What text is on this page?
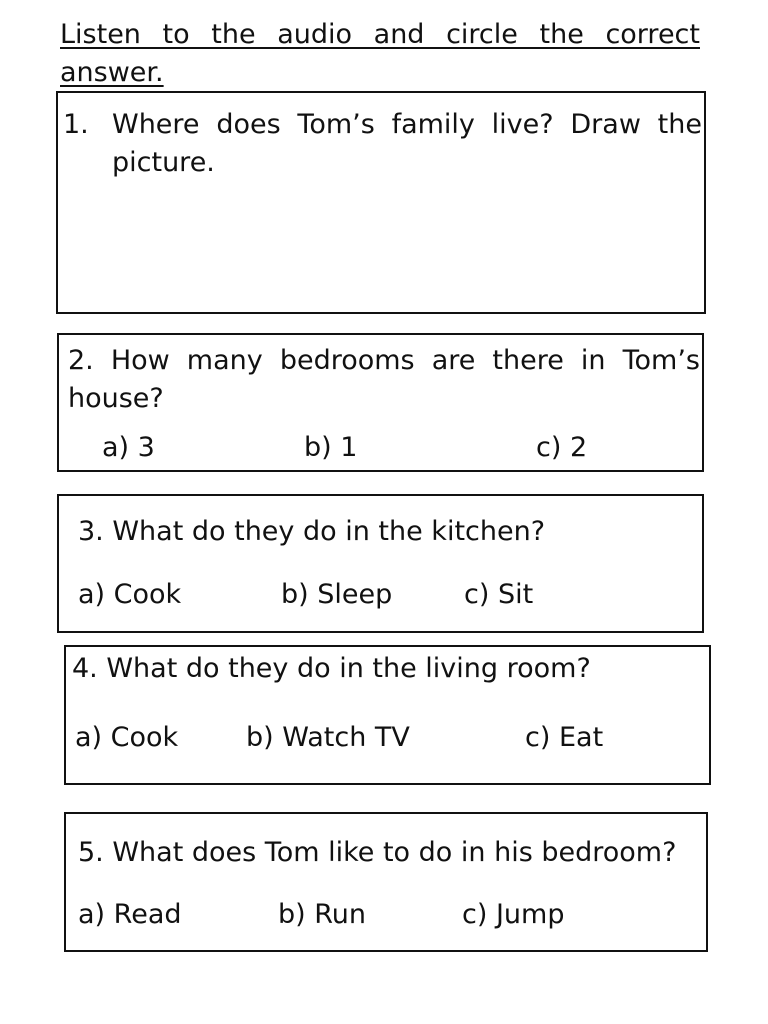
Listen to the audio and circle the correct answer.
1. Where does Tom’s family live? Draw the picture.
2. How many bedrooms are there in Tom’s house?
a) 3	b) 1	c) 2
3. What do they do in the kitchen?
a) Cook	b) Sleep	c) Sit
4. What do they do in the living room?
a) Cook	b) Watch TV	c) Eat
5. What does Tom like to do in his bedroom?
a) Read	b) Run	c) Jump
